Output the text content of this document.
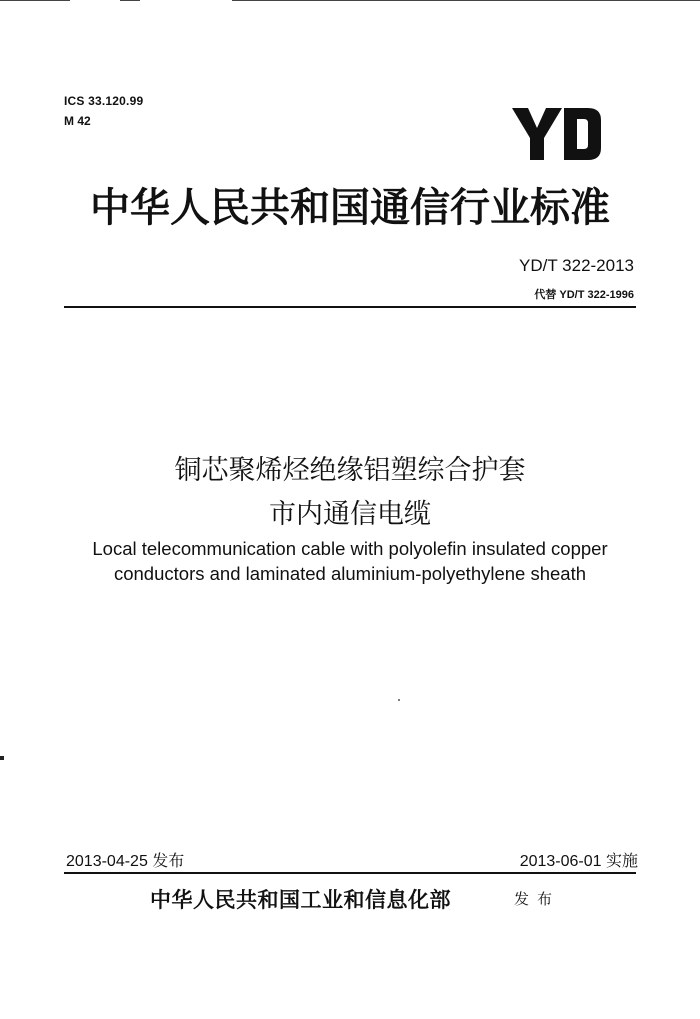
ICS 33.120.99
M 42
中华人民共和国通信行业标准
YD/T 322-2013
代替 YD/T 322-1996
铜芯聚烯烃绝缘铝塑综合护套
市内通信电缆
Local telecommunication cable with polyolefin insulated copper
conductors and laminated aluminium-polyethylene sheath
2013-04-25 发布	2013-06-01 实施
中华人民共和国工业和信息化部	发布
